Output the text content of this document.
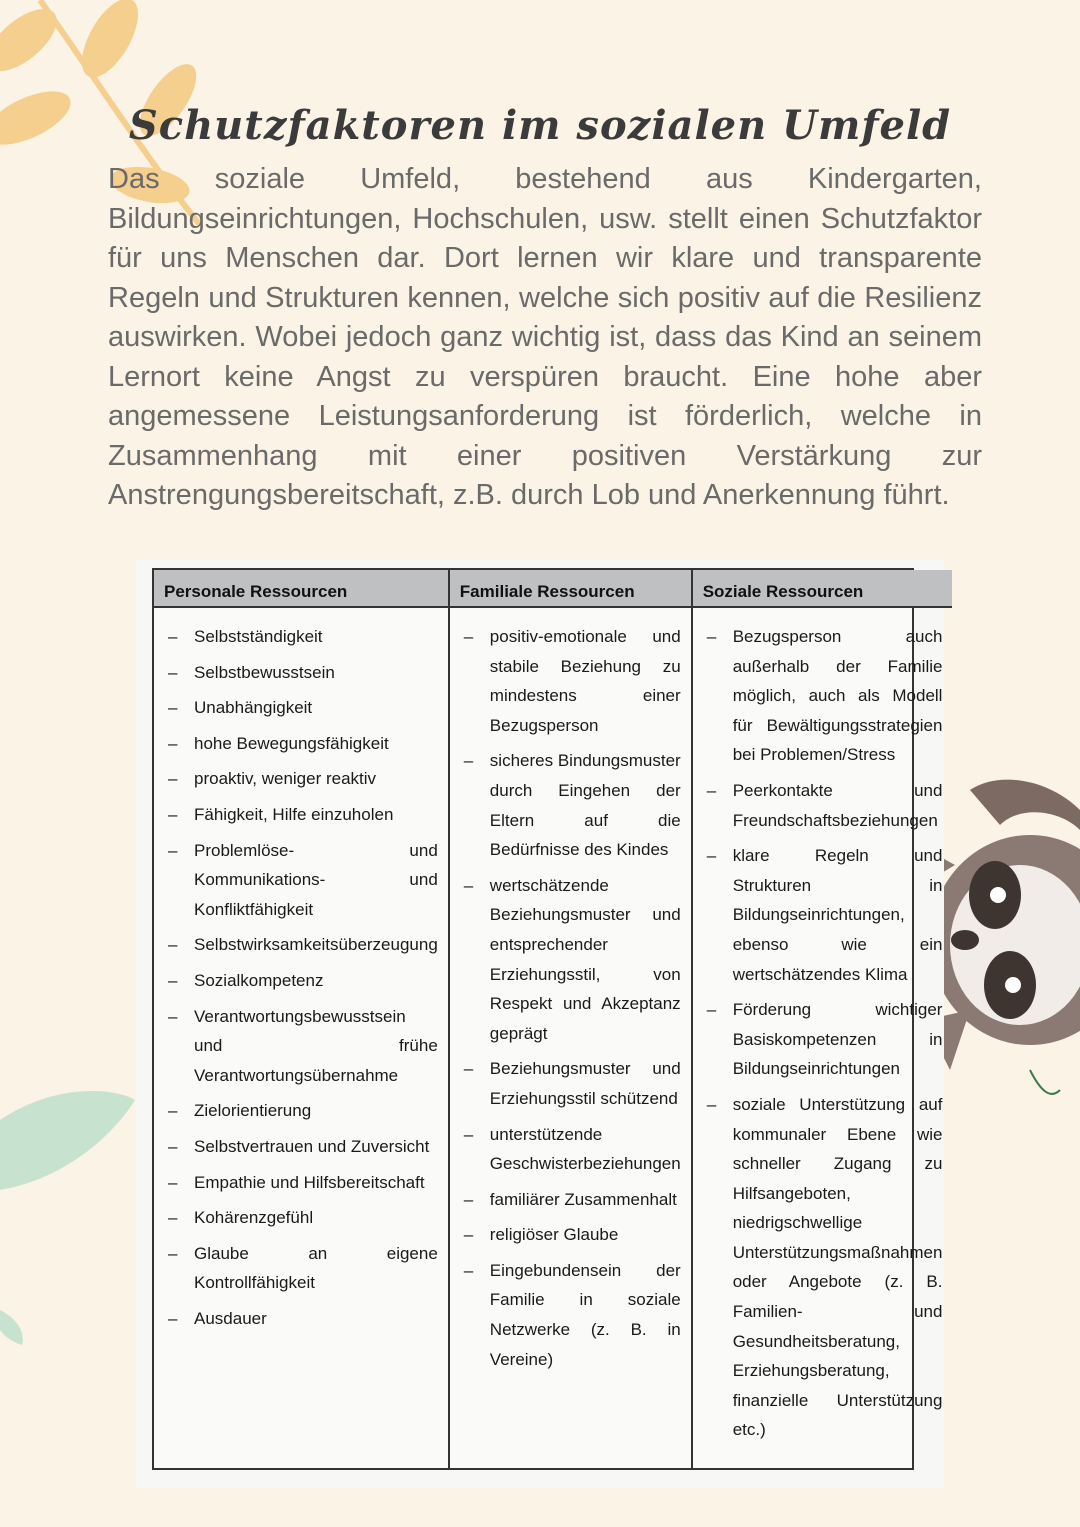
Schutzfaktoren im sozialen Umfeld

Das soziale Umfeld, bestehend aus Kindergarten, Bildungseinrichtungen, Hochschulen, usw. stellt einen Schutzfaktor für uns Menschen dar. Dort lernen wir klare und transparente Regeln und Strukturen kennen, welche sich positiv auf die Resilienz auswirken. Wobei jedoch ganz wichtig ist, dass das Kind an seinem Lernort keine Angst zu verspüren braucht. Eine hohe aber angemessene Leistungsanforderung ist förderlich, welche in Zusammenhang mit einer positiven Verstärkung zur Anstrengungsbereitschaft, z.B. durch Lob und Anerkennung führt.

Personale Ressourcen
– Selbstständigkeit
– Selbstbewusstsein
– Unabhängigkeit
– hohe Bewegungsfähigkeit
– proaktiv, weniger reaktiv
– Fähigkeit, Hilfe einzuholen
– Problemlöse- und Kommunikations- und Konfliktfähigkeit
– Selbstwirksamkeitsüberzeugung
– Sozialkompetenz
– Verantwortungsbewusstsein und frühe Verantwortungsübernahme
– Zielorientierung
– Selbstvertrauen und Zuversicht
– Empathie und Hilfsbereitschaft
– Kohärenzgefühl
– Glaube an eigene Kontrollfähigkeit
– Ausdauer
Familiale Ressourcen
– positiv-emotionale und stabile Beziehung zu mindestens einer Bezugsperson
– sicheres Bindungsmuster durch Eingehen der Eltern auf die Bedürfnisse des Kindes
– wertschätzende Beziehungsmuster und entsprechender Erziehungsstil, von Respekt und Akzeptanz geprägt
– Beziehungsmuster und Erziehungsstil schützend
– unterstützende Geschwisterbeziehungen
– familiärer Zusammenhalt
– religiöser Glaube
– Eingebundensein der Familie in soziale Netzwerke (z. B. in Vereine)
Soziale Ressourcen
– Bezugsperson auch außerhalb der Familie möglich, auch als Modell für Bewältigungsstrategien bei Problemen/Stress
– Peerkontakte und Freundschaftsbeziehungen
– klare Regeln und Strukturen in Bildungseinrichtungen, ebenso wie ein wertschätzendes Klima
– Förderung wichtiger Basiskompetenzen in Bildungseinrichtungen
– soziale Unterstützung auf kommunaler Ebene wie schneller Zugang zu Hilfsangeboten, niedrigschwellige Unterstützungsmaßnahmen oder Angebote (z. B. Familien- und Gesundheitsberatung, Erziehungsberatung, finanzielle Unterstützung etc.)
